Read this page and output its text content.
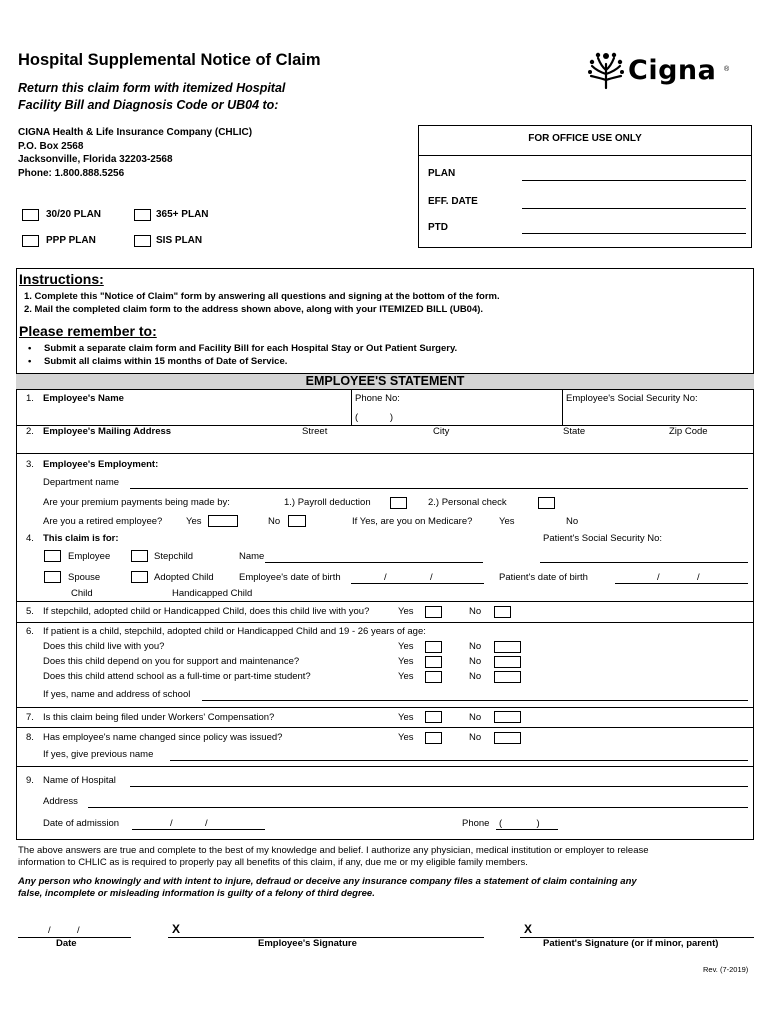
Hospital Supplemental Notice of Claim
Return this claim form with itemized Hospital
Facility Bill and Diagnosis Code or UB04 to:
Cigna ®
CIGNA Health & Life Insurance Company (CHLIC)
P.O. Box 2568
Jacksonville, Florida 32203-2568
Phone: 1.800.888.5256
30/20 PLAN	365+ PLAN
PPP PLAN	SIS PLAN
FOR OFFICE USE ONLY
PLAN
EFF. DATE
PTD
Instructions:
1. Complete this "Notice of Claim" form by answering all questions and signing at the bottom of the form.
2. Mail the completed claim form to the address shown above, along with your ITEMIZED BILL (UB04).
Please remember to:
• Submit a separate claim form and Facility Bill for each Hospital Stay or Out Patient Surgery.
• Submit all claims within 15 months of Date of Service.
EMPLOYEE'S STATEMENT
1. Employee's Name	Phone No:
(            )
Employee's Social Security No:
2. Employee's Mailing Address	Street	City	State	Zip Code
3. Employee's Employment:
Department name
Are your premium payments being made by:	1.) Payroll deduction	2.) Personal check
Are you a retired employee? Yes	No	If Yes, are you on Medicare?	Yes	No
4. This claim is for:	Patient's Social Security No:
Employee	Stepchild	Name
Spouse	Adopted Child	Employee's date of birth	/	/	Patient's date of birth	/	/
Child	Handicapped Child
5. If stepchild, adopted child or Handicapped Child, does this child live with you?	Yes	No
6. If patient is a child, stepchild, adopted child or Handicapped Child and 19 - 26 years of age:
Does this child live with you?	Yes	No
Does this child depend on you for support and maintenance?	Yes	No
Does this child attend school as a full-time or part-time student?	Yes	No
If yes, name and address of school
7. Is this claim being filed under Workers' Compensation?	Yes	No
8. Has employee's name changed since policy was issued?	Yes	No
If yes, give previous name
9. Name of Hospital
Address
Date of admission	/	/	Phone (             )
The above answers are true and complete to the best of my knowledge and belief. I authorize any physician, medical institution or employer to release
information to CHLIC as is required to properly pay all benefits of this claim, if any, due me or my eligible family members.
Any person who knowingly and with intent to injure, defraud or deceive any insurance company files a statement of claim containing any
false, incomplete or misleading information is guilty of a felony of third degree.
/          /
Date
X
Employee's Signature
X
Patient's Signature (or if minor, parent)
Rev. (7-2019)
